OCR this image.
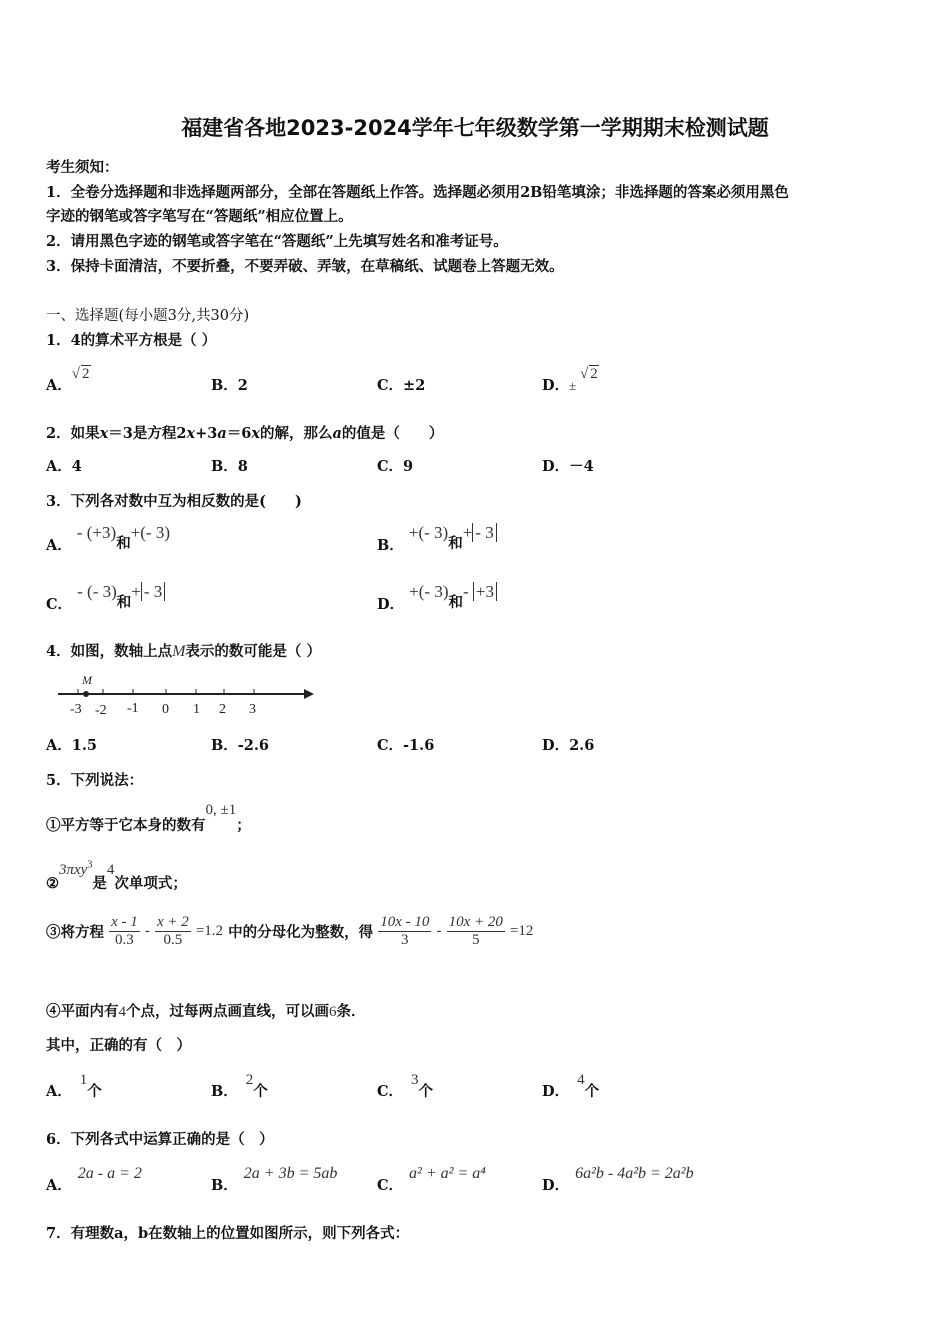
福建省各地2023-2024学年七年级数学第一学期期末检测试题
考生须知：
1．全卷分选择题和非选择题两部分，全部在答题纸上作答。选择题必须用2B铅笔填涂；非选择题的答案必须用黑色
字迹的钢笔或答字笔写在“答题纸”相应位置上。
2．请用黑色字迹的钢笔或答字笔在“答题纸”上先填写姓名和准考证号。
3．保持卡面清洁，不要折叠，不要弄破、弄皱，在草稿纸、试题卷上答题无效。
一、选择题(每小题3分,共30分)
1．4的算术平方根是（ ）
A．√ 2
B．2	C．±2	D．$_\pm$ √ 2
2．如果x＝3是方程2x+3a＝6x的解，那么a的值是（　　）
A．4	B．8	C．9	D．－4
3．下列各对数中互为相反数的是(　　)
A． - (+3)和+(- 3)
B． +(- 3)和+ - 3
C． - (- 3)和+ - 3
D． +(- 3)和- +3
4．如图，数轴上点M表示的数可能是（ ）
M
-3 -2 -1 0 1 2 3
A．1.5	B．-2.6	C．-1.6	D．2.6
5．下列说法：
①平方等于它本身的数有0, ±1；
②3πxy$^3$是4次单项式；
③将方程 $\frac{x - 1}{0.3} - \frac{x + 2}{0.5} =1.2$ 中的分母化为整数，得 $\frac{10x - 10}{3} - \frac{10x + 20}{5} =12$
④平面内有4个点，过每两点画直线，可以画6条．
其中，正确的有（　）
A．1个	B．2个	C．3个	D．4个
6．下列各式中运算正确的是（　）
A．2a - a = 2
B．2a + 3b = 5ab
C．a² + a² = a⁴
D．6a²b - 4a²b = 2a²b
7．有理数a，b在数轴上的位置如图所示，则下列各式：
